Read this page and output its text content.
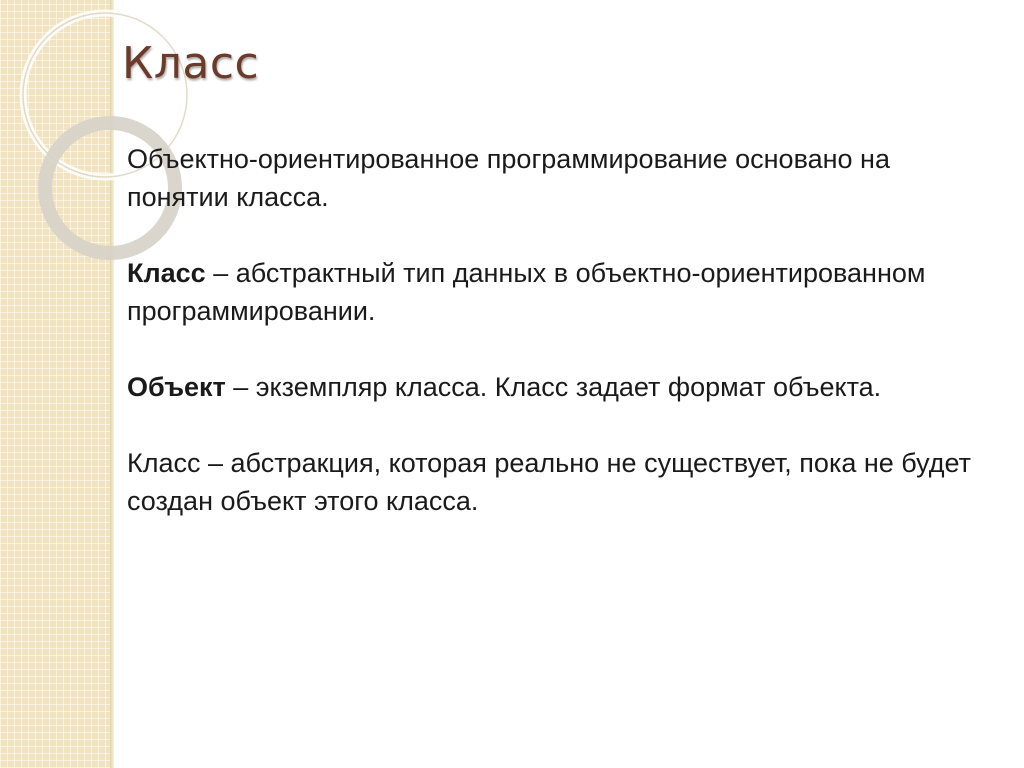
Класс

Объектно-ориентированное программирование основано на понятии класса.

Класс – абстрактный тип данных в объектно-ориентированном программировании.

Объект – экземпляр класса. Класс задает формат объекта.

Класс – абстракция, которая реально не существует, пока не будет создан объект этого класса.
